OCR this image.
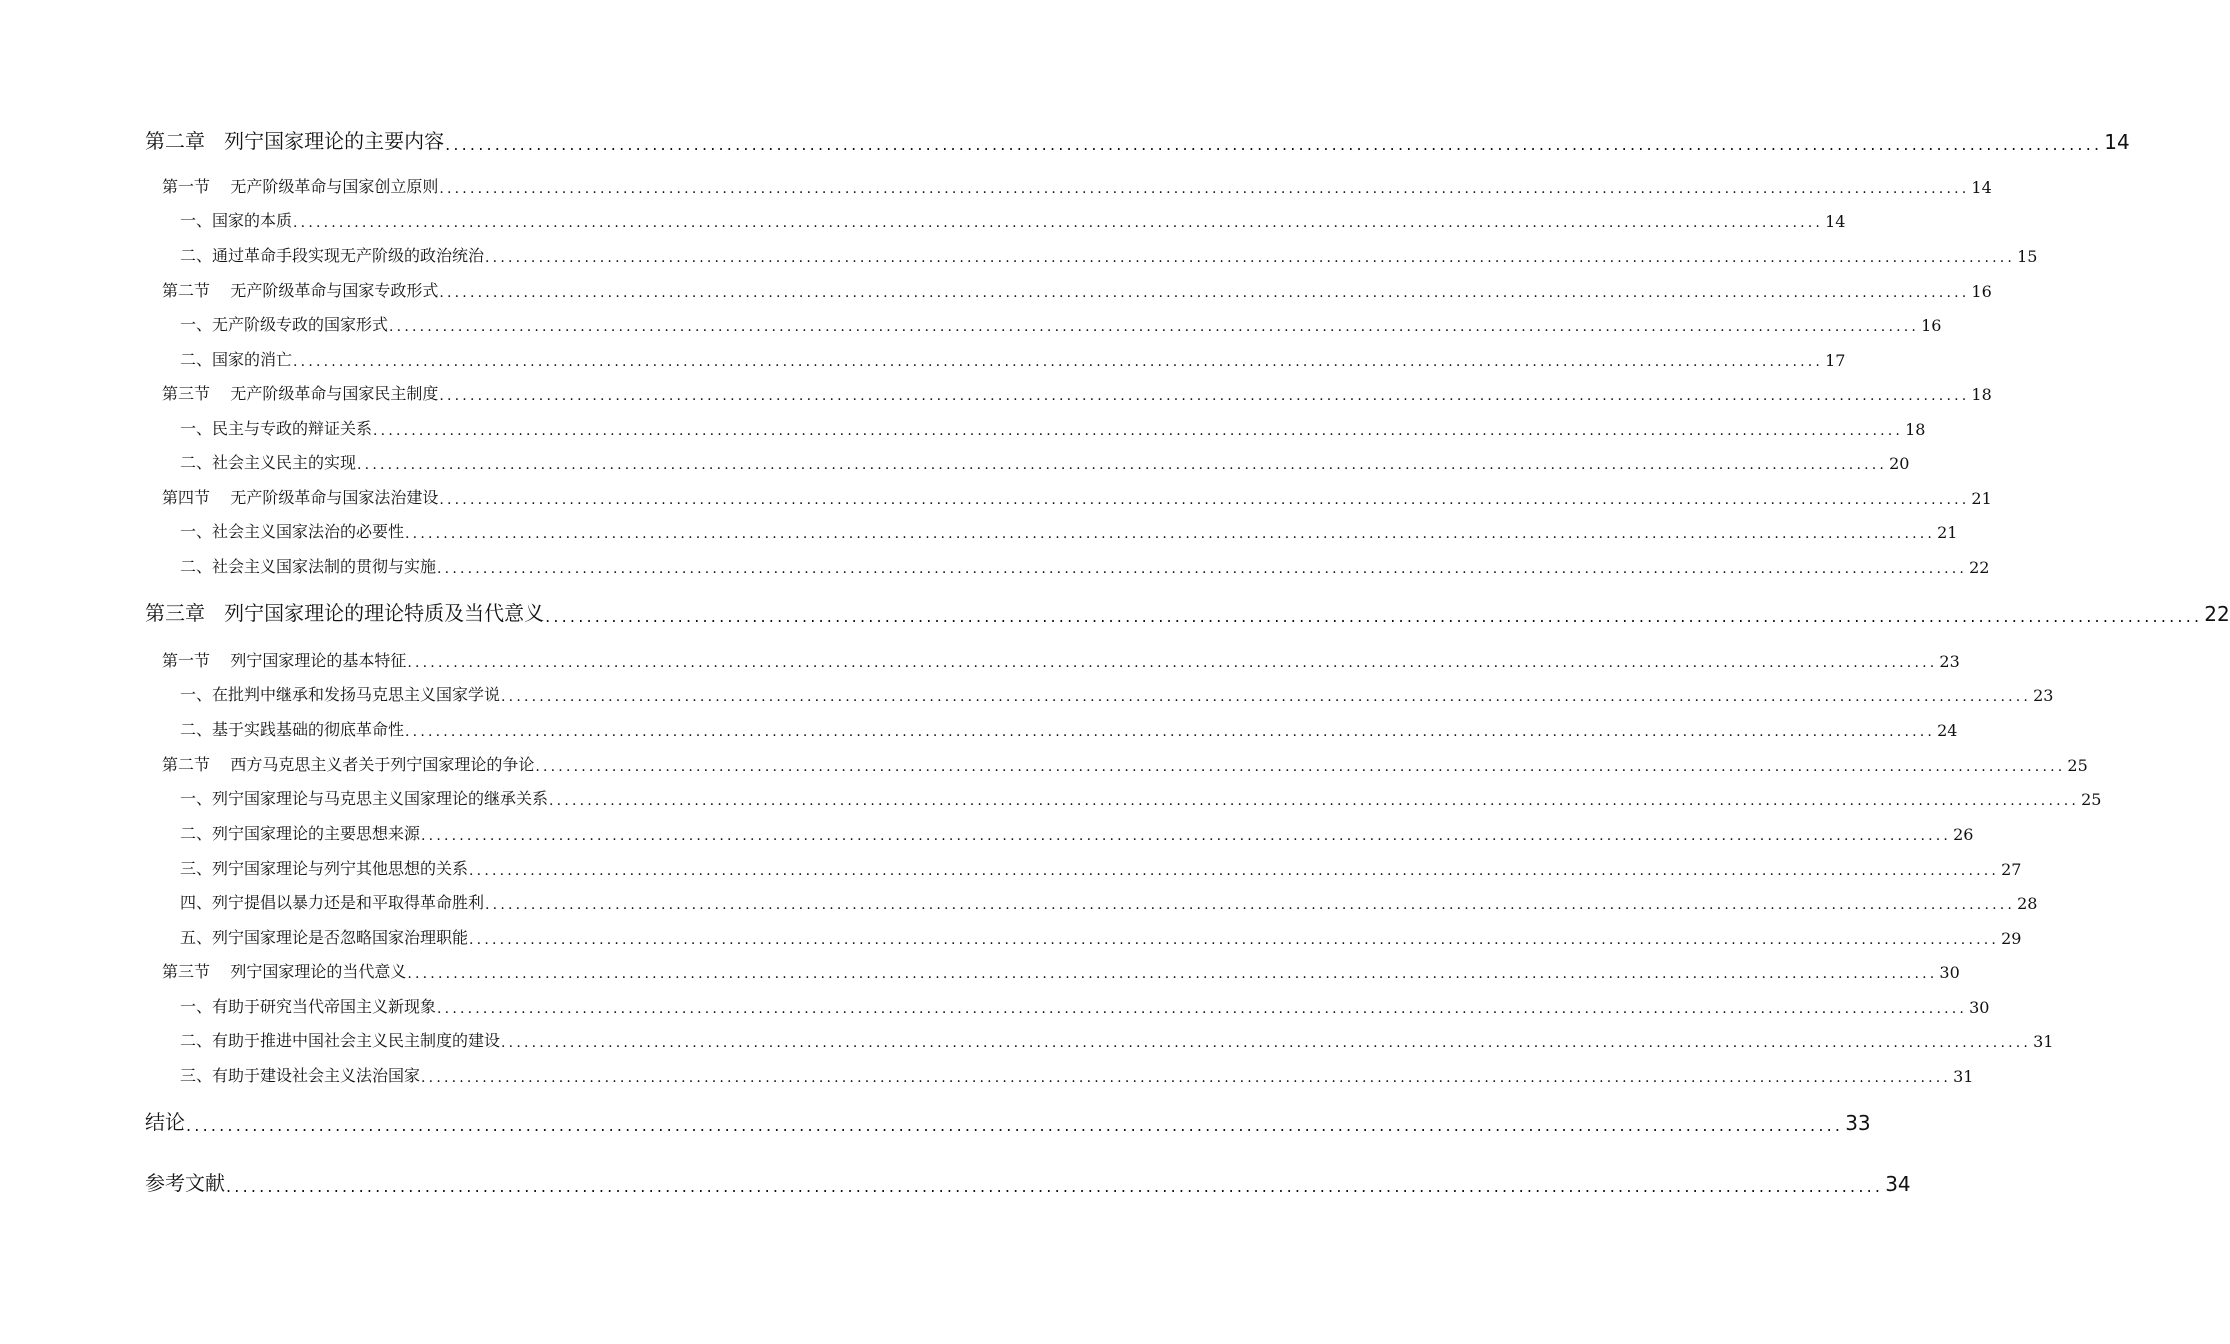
第二章   列宁国家理论的主要内容 ........................................................................................................................................................................................................ 14
第一节    无产阶级革命与国家创立原则 ........................................................................................................................................................................................................ 14
一、国家的本质 ........................................................................................................................................................................................................ 14
二、通过革命手段实现无产阶级的政治统治 ........................................................................................................................................................................................................ 15
第二节    无产阶级革命与国家专政形式 ........................................................................................................................................................................................................ 16
一、无产阶级专政的国家形式 ........................................................................................................................................................................................................ 16
二、国家的消亡 ........................................................................................................................................................................................................ 17
第三节    无产阶级革命与国家民主制度 ........................................................................................................................................................................................................ 18
一、民主与专政的辩证关系 ........................................................................................................................................................................................................ 18
二、社会主义民主的实现 ........................................................................................................................................................................................................ 20
第四节    无产阶级革命与国家法治建设 ........................................................................................................................................................................................................ 21
一、社会主义国家法治的必要性 ........................................................................................................................................................................................................ 21
二、社会主义国家法制的贯彻与实施 ........................................................................................................................................................................................................ 22
第三章   列宁国家理论的理论特质及当代意义 ........................................................................................................................................................................................................ 22
第一节    列宁国家理论的基本特征 ........................................................................................................................................................................................................ 23
一、在批判中继承和发扬马克思主义国家学说 ........................................................................................................................................................................................................ 23
二、基于实践基础的彻底革命性 ........................................................................................................................................................................................................ 24
第二节    西方马克思主义者关于列宁国家理论的争论 ........................................................................................................................................................................................................ 25
一、列宁国家理论与马克思主义国家理论的继承关系 ........................................................................................................................................................................................................ 25
二、列宁国家理论的主要思想来源 ........................................................................................................................................................................................................ 26
三、列宁国家理论与列宁其他思想的关系 ........................................................................................................................................................................................................ 27
四、列宁提倡以暴力还是和平取得革命胜利 ........................................................................................................................................................................................................ 28
五、列宁国家理论是否忽略国家治理职能 ........................................................................................................................................................................................................ 29
第三节    列宁国家理论的当代意义 ........................................................................................................................................................................................................ 30
一、有助于研究当代帝国主义新现象 ........................................................................................................................................................................................................ 30
二、有助于推进中国社会主义民主制度的建设 ........................................................................................................................................................................................................ 31
三、有助于建设社会主义法治国家 ........................................................................................................................................................................................................ 31
结论 ........................................................................................................................................................................................................ 33
参考文献 ........................................................................................................................................................................................................ 34
